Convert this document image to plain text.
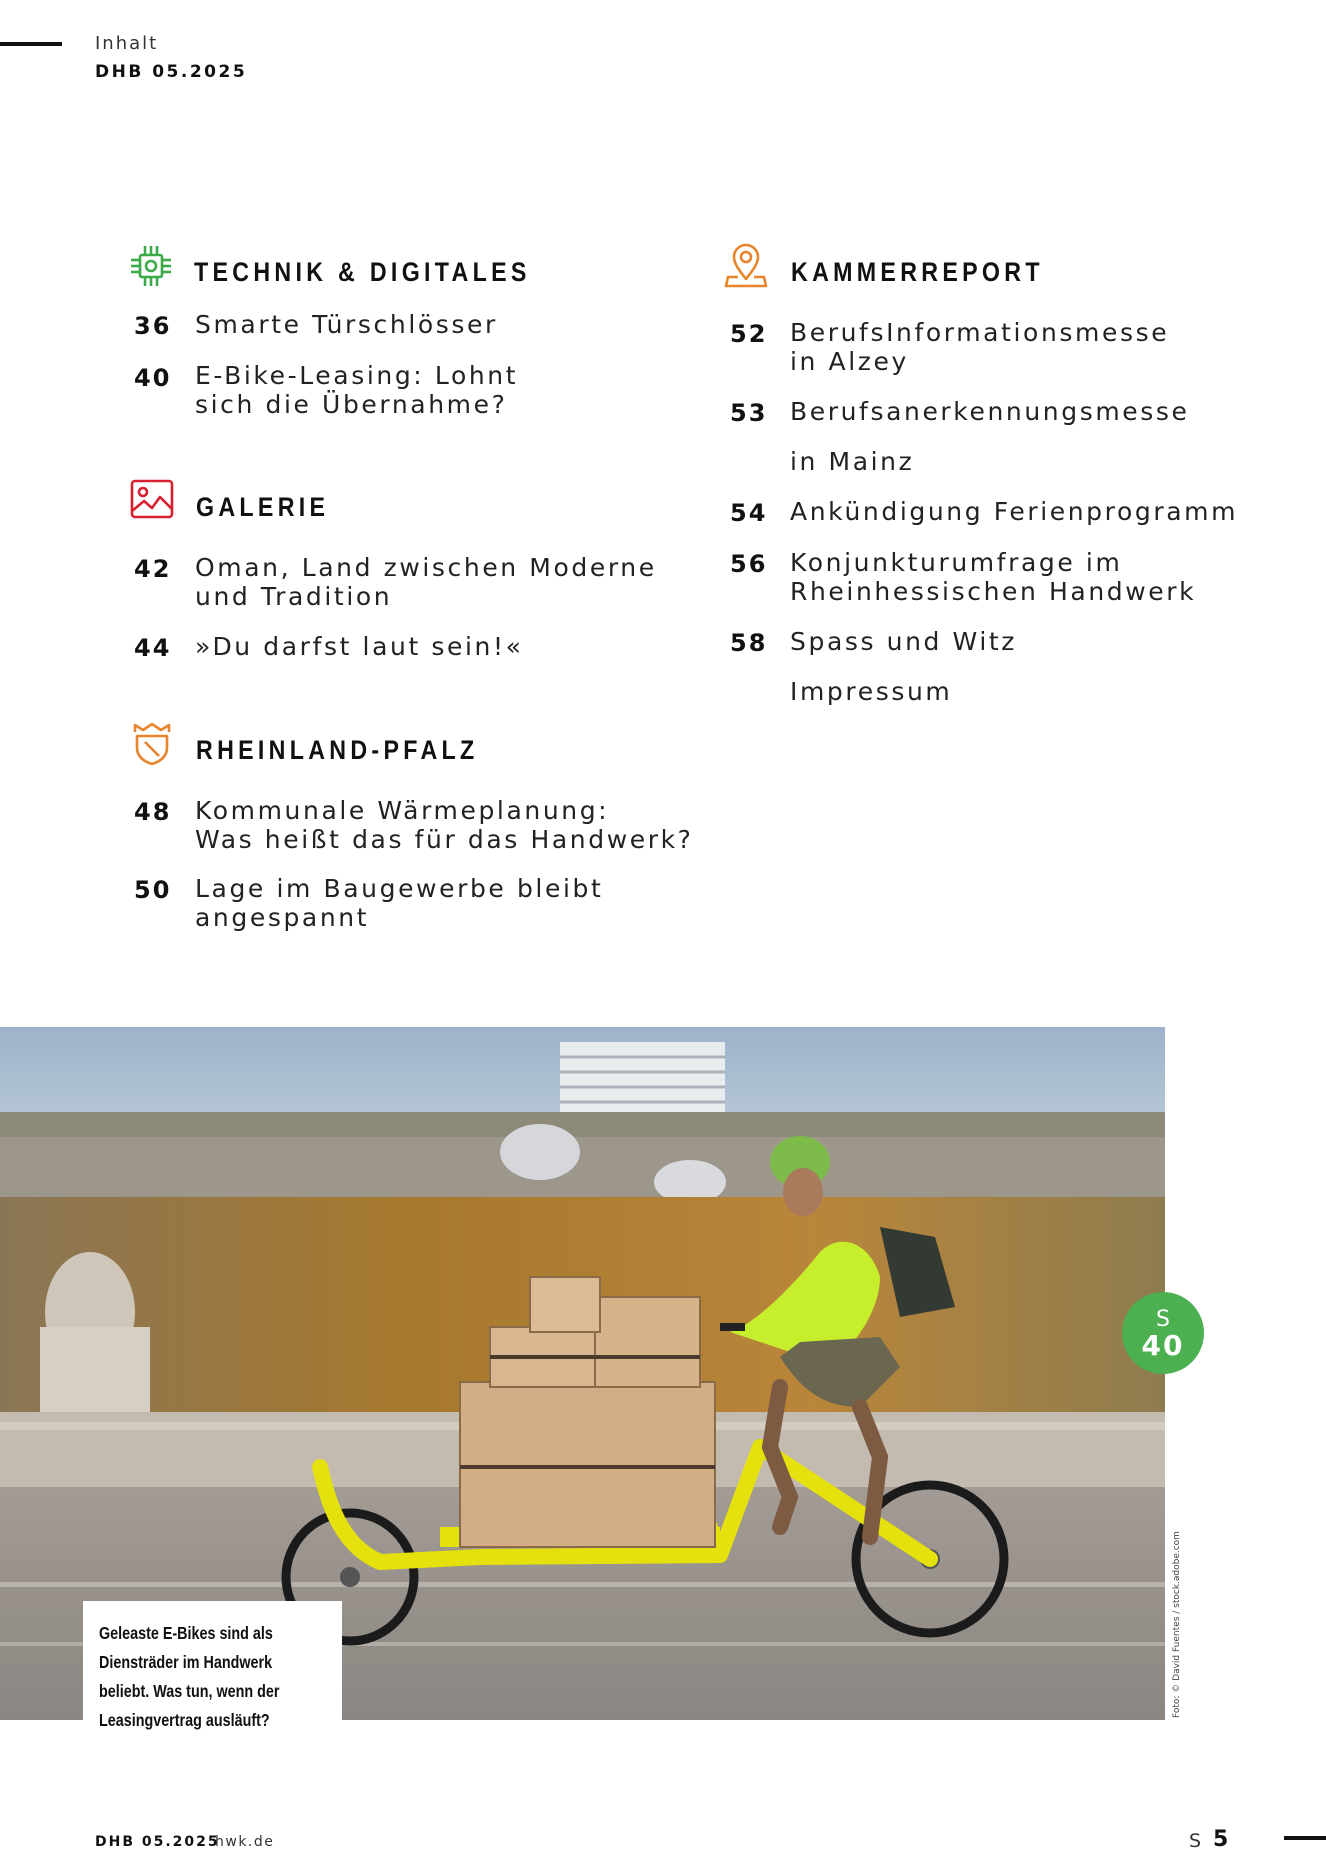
Inhalt
DHB 05.2025
TECHNIK & DIGITALES
36 Smarte Türschlösser
40 E-Bike-Leasing: Lohnt
sich die Übernahme?
GALERIE
42 Oman, Land zwischen Moderne
und Tradition
44 »Du darfst laut sein!«
RHEINLAND-PFALZ
48 Kommunale Wärmeplanung:
Was heißt das für das Handwerk?
50 Lage im Baugewerbe bleibt
angespannt
KAMMERREPORT
52 BerufsInformationsmesse
in Alzey
53 Berufsanerkennungsmesse
in Mainz
54 Ankündigung Ferienprogramm
56 Konjunkturumfrage im
Rheinhessischen Handwerk
58 Spass und Witz
Impressum
Geleaste E-Bikes sind als
Diensträder im Handwerk
beliebt. Was tun, wenn der
Leasingvertrag ausläuft?
S
40
Foto: © David Fuentes / stock.adobe.com
DHB 05.2025
hwk.de	S 5
